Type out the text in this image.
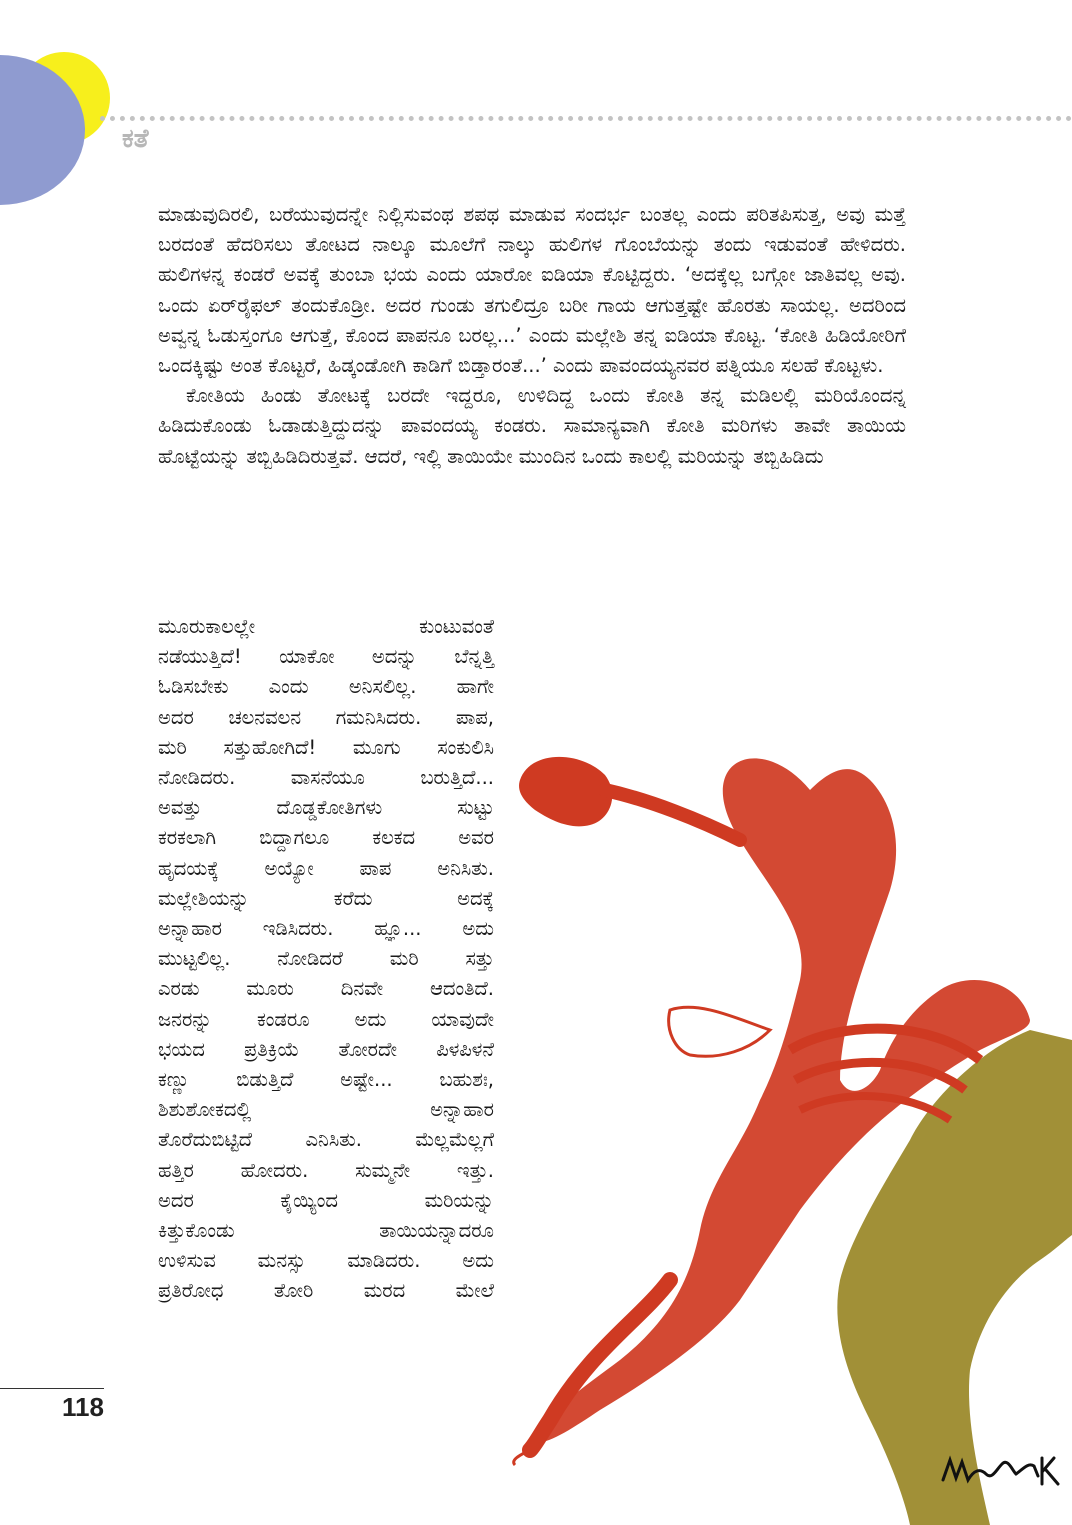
ಕತೆ

ಮಾಡುವುದಿರಲಿ, ಬರೆಯುವುದನ್ನೇ ನಿಲ್ಲಿಸುವಂಥ ಶಪಥ ಮಾಡುವ ಸಂದರ್ಭ ಬಂತಲ್ಲ ಎಂದು ಪರಿತಪಿಸುತ್ತ, ಅವು ಮತ್ತೆ ಬರದಂತೆ ಹೆದರಿಸಲು ತೋಟದ ನಾಲ್ಕೂ ಮೂಲೆಗೆ ನಾಲ್ಕು ಹುಲಿಗಳ ಗೊಂಬೆಯನ್ನು ತಂದು ಇಡುವಂತೆ ಹೇಳಿದರು. ಹುಲಿಗಳನ್ನ ಕಂಡರೆ ಅವಕ್ಕೆ ತುಂಬಾ ಭಯ ಎಂದು ಯಾರೋ ಐಡಿಯಾ ಕೊಟ್ಟಿದ್ದರು. ‘ಅದಕ್ಕೆಲ್ಲ ಬಗ್ಗೋ ಜಾತಿವಲ್ಲ ಅವು. ಒಂದು ಏರ್‌ರೈಫಲ್ ತಂದುಕೊಡ್ರೀ. ಅದರ ಗುಂಡು ತಗುಲಿದ್ರೂ ಬರೀ ಗಾಯ ಆಗುತ್ತಷ್ಟೇ ಹೊರತು ಸಾಯಲ್ಲ. ಅದರಿಂದ ಅವ್ವನ್ನ ಓಡುಸ್ತಂಗೂ ಆಗುತ್ತೆ, ಕೊಂದ ಪಾಪನೂ ಬರಲ್ಲ...’ ಎಂದು ಮಲ್ಲೇಶಿ ತನ್ನ ಐಡಿಯಾ ಕೊಟ್ಟ. ‘ಕೋತಿ ಹಿಡಿಯೋರಿಗೆ ಒಂದಕ್ಕಿಷ್ಟು ಅಂತ ಕೊಟ್ಟರೆ, ಹಿಡ್ಕಂಡೋಗಿ ಕಾಡಿಗೆ ಬಿಡ್ತಾರಂತೆ...’ ಎಂದು ಪಾವಂದಯ್ಯನವರ ಪತ್ನಿಯೂ ಸಲಹೆ ಕೊಟ್ಟಳು.

ಕೋತಿಯ ಹಿಂಡು ತೋಟಕ್ಕೆ ಬರದೇ ಇದ್ದರೂ, ಉಳಿದಿದ್ದ ಒಂದು ಕೋತಿ ತನ್ನ ಮಡಿಲಲ್ಲಿ ಮರಿಯೊಂದನ್ನ ಹಿಡಿದುಕೊಂಡು ಓಡಾಡುತ್ತಿದ್ದುದನ್ನು ಪಾವಂದಯ್ಯ ಕಂಡರು. ಸಾಮಾನ್ಯವಾಗಿ ಕೋತಿ ಮರಿಗಳು ತಾವೇ ತಾಯಿಯ ಹೊಟ್ಟೆಯನ್ನು ತಬ್ಬಿಹಿಡಿದಿರುತ್ತವೆ. ಆದರೆ, ಇಲ್ಲಿ ತಾಯಿಯೇ ಮುಂದಿನ ಒಂದು ಕಾಲಲ್ಲಿ ಮರಿಯನ್ನು ತಬ್ಬಿಹಿಡಿದು

ಮೂರುಕಾಲಲ್ಲೇ ಕುಂಟುವಂತೆ

ನಡೆಯುತ್ತಿದೆ! ಯಾಕೋ ಅದನ್ನು ಬೆನ್ನತ್ತಿ

ಓಡಿಸಬೇಕು ಎಂದು ಅನಿಸಲಿಲ್ಲ. ಹಾಗೇ

ಅದರ ಚಲನವಲನ ಗಮನಿಸಿದರು. ಪಾಪ,

ಮರಿ ಸತ್ತುಹೋಗಿದೆ! ಮೂಗು ಸಂಕುಲಿಸಿ

ನೋಡಿದರು. ವಾಸನೆಯೂ ಬರುತ್ತಿದೆ...

ಅವತ್ತು ದೊಡ್ಡಕೋತಿಗಳು ಸುಟ್ಟು

ಕರಕಲಾಗಿ ಬಿದ್ದಾಗಲೂ ಕಲಕದ ಅವರ

ಹೃದಯಕ್ಕೆ ಅಯ್ಯೋ ಪಾಪ ಅನಿಸಿತು.

ಮಲ್ಲೇಶಿಯನ್ನು ಕರೆದು ಅದಕ್ಕೆ

ಅನ್ನಾಹಾರ ಇಡಿಸಿದರು. ಹ್ಞೂ... ಅದು

ಮುಟ್ಟಲಿಲ್ಲ. ನೋಡಿದರೆ ಮರಿ ಸತ್ತು

ಎರಡು ಮೂರು ದಿನವೇ ಆದಂತಿದೆ.

ಜನರನ್ನು ಕಂಡರೂ ಅದು ಯಾವುದೇ

ಭಯದ ಪ್ರತಿಕ್ರಿಯೆ ತೋರದೇ ಪಿಳಪಿಳನೆ

ಕಣ್ಣು ಬಿಡುತ್ತಿದೆ ಅಷ್ಟೇ... ಬಹುಶಃ,

ಶಿಶುಶೋಕದಲ್ಲಿ ಅನ್ನಾಹಾರ

ತೊರೆದುಬಿಟ್ಟಿದೆ ಎನಿಸಿತು. ಮೆಲ್ಲಮೆಲ್ಲಗೆ

ಹತ್ತಿರ ಹೋದರು. ಸುಮ್ಮನೇ ಇತ್ತು.

ಅದರ ಕೈಯ್ಯಿಂದ ಮರಿಯನ್ನು

ಕಿತ್ತುಕೊಂಡು ತಾಯಿಯನ್ನಾದರೂ

ಉಳಿಸುವ ಮನಸ್ಸು ಮಾಡಿದರು. ಅದು

ಪ್ರತಿರೋಧ ತೋರಿ ಮರದ ಮೇಲೆ

118
